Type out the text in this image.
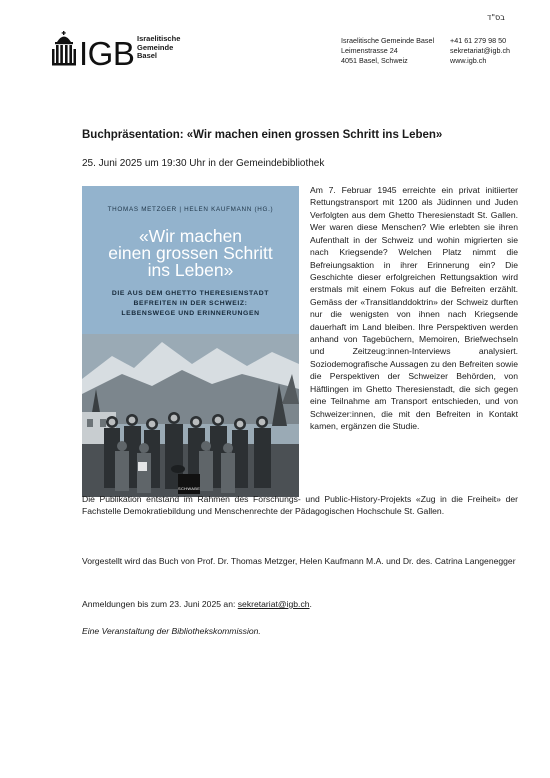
בס"ד
IGB Israelitische
Gemeinde
Basel
Israelitische Gemeinde Basel
Leimenstrasse 24
4051 Basel, Schweiz
+41 61 279 98 50
sekretariat@igb.ch
www.igb.ch
Buchpräsentation: «Wir machen einen grossen Schritt ins Leben»
25. Juni 2025 um 19:30 Uhr in der Gemeindebibliothek
THOMAS METZGER | HELEN KAUFMANN (HG.)
«Wir machen
einen grossen Schritt
ins Leben»
DIE AUS DEM GHETTO THERESIENSTADT
BEFREITEN IN DER SCHWEIZ:
LEBENSWEGE UND ERINNERUNGEN
SCHWABE

Am 7. Februar 1945 erreichte ein privat initiierter Rettungstransport mit 1200 als Jüdinnen und Juden Verfolgten aus dem Ghetto Theresienstadt St. Gallen. Wer waren diese Menschen? Wie erlebten sie ihren Aufenthalt in der Schweiz und wohin migrierten sie nach Kriegsende? Welchen Platz nimmt die Befreiungsaktion in ihrer Erinnerung ein? Die Geschichte dieser erfolgreichen Rettungsaktion wird erstmals mit einem Fokus auf die Befreiten erzählt. Gemäss der «Transitlanddoktrin» der Schweiz durften nur die wenigsten von ihnen nach Kriegsende dauerhaft im Land bleiben. Ihre Perspektiven werden anhand von Tagebüchern, Memoiren, Briefwechseln und Zeitzeug:innen-Interviews analysiert. Soziodemografische Aussagen zu den Befreiten sowie die Perspektiven der Schweizer Behörden, von Häftlingen im Ghetto Theresienstadt, die sich gegen eine Teilnahme am Transport entschieden, und von Schweizer:innen, die mit den Befreiten in Kontakt kamen, ergänzen die Studie.

Die Publikation entstand im Rahmen des Forschungs- und Public-History-Projekts «Zug in die Freiheit» der Fachstelle Demokratiebildung und Menschenrechte der Pädagogischen Hochschule St. Gallen.
Vorgestellt wird das Buch von Prof. Dr. Thomas Metzger, Helen Kaufmann M.A. und Dr. des. Catrina Langenegger
Anmeldungen bis zum 23. Juni 2025 an: sekretariat@igb.ch.
Eine Veranstaltung der Bibliothekskommission.
